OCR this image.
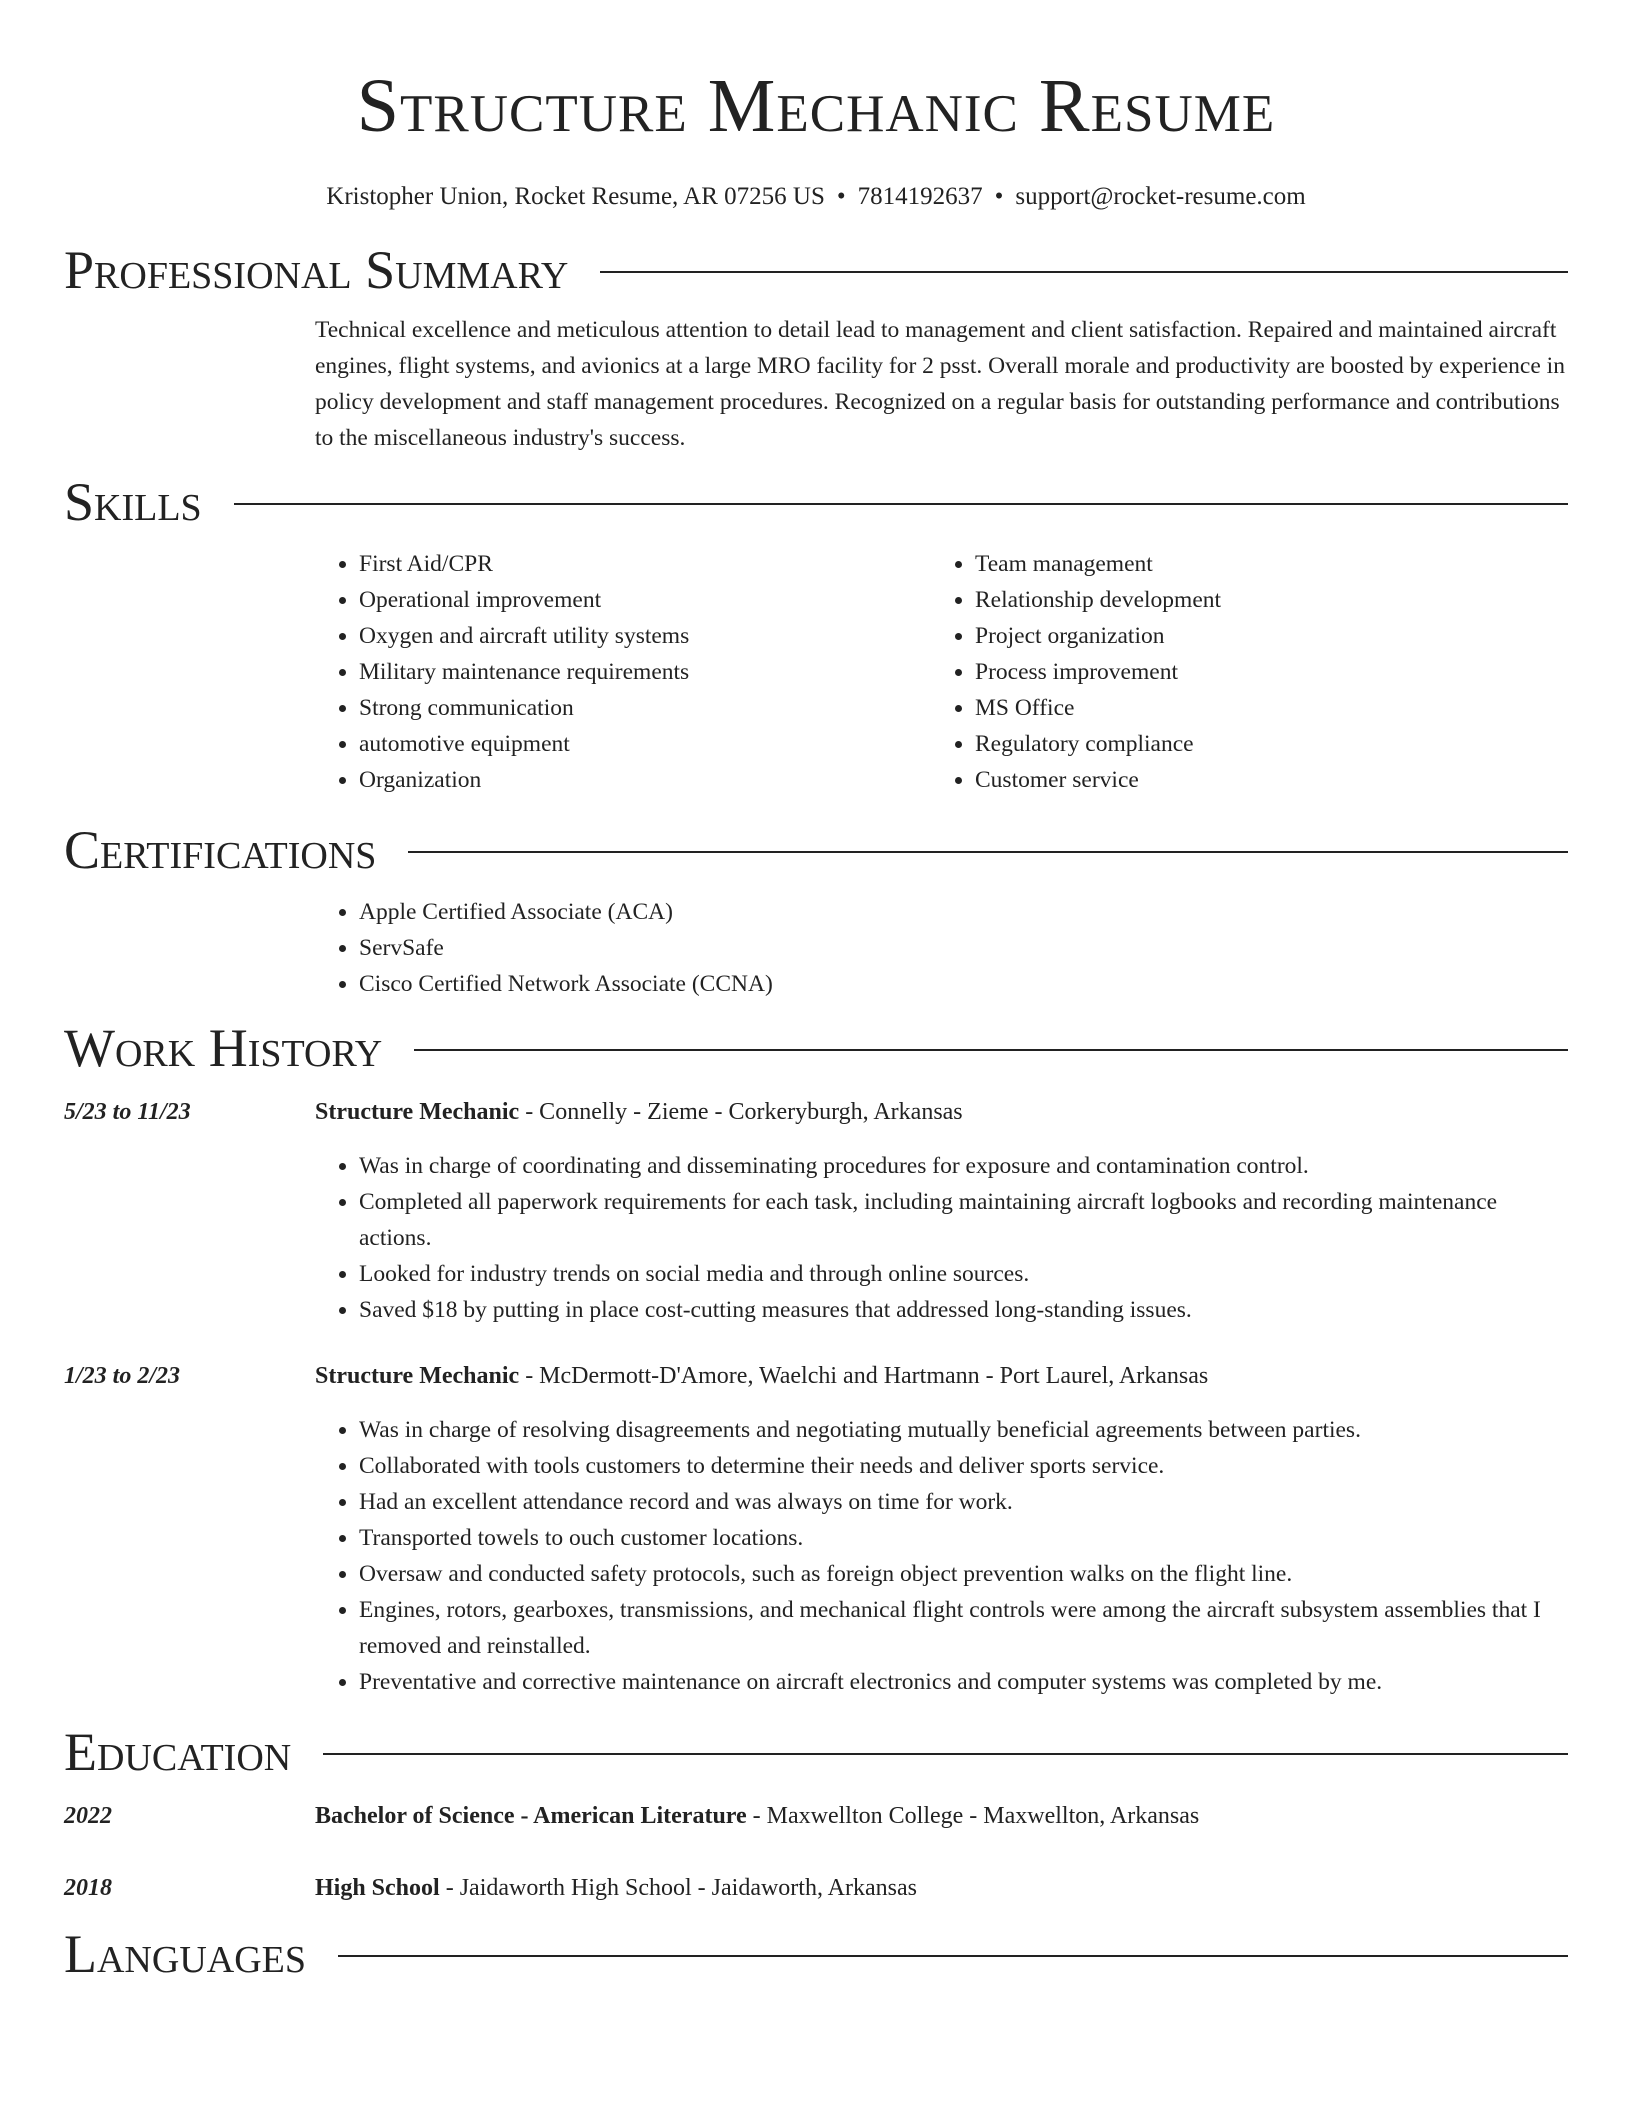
Structure Mechanic Resume
Kristopher Union, Rocket Resume, AR 07256 US • 7814192637 • support@rocket-resume.com
Professional Summary
Technical excellence and meticulous attention to detail lead to management and client satisfaction. Repaired and maintained aircraft engines, flight systems, and avionics at a large MRO facility for 2 psst. Overall morale and productivity are boosted by experience in policy development and staff management procedures. Recognized on a regular basis for outstanding performance and contributions to the miscellaneous industry's success.
Skills
• First Aid/CPR
• Operational improvement
• Oxygen and aircraft utility systems
• Military maintenance requirements
• Strong communication
• automotive equipment
• Organization
• Team management
• Relationship development
• Project organization
• Process improvement
• MS Office
• Regulatory compliance
• Customer service
Certifications
• Apple Certified Associate (ACA)
• ServSafe
• Cisco Certified Network Associate (CCNA)
Work History
5/23 to 11/23	Structure Mechanic - Connelly - Zieme - Corkeryburgh, Arkansas
• Was in charge of coordinating and disseminating procedures for exposure and contamination control.
• Completed all paperwork requirements for each task, including maintaining aircraft logbooks and recording maintenance actions.
• Looked for industry trends on social media and through online sources.
• Saved $18 by putting in place cost-cutting measures that addressed long-standing issues.
1/23 to 2/23	Structure Mechanic - McDermott-D'Amore, Waelchi and Hartmann - Port Laurel, Arkansas
• Was in charge of resolving disagreements and negotiating mutually beneficial agreements between parties.
• Collaborated with tools customers to determine their needs and deliver sports service.
• Had an excellent attendance record and was always on time for work.
• Transported towels to ouch customer locations.
• Oversaw and conducted safety protocols, such as foreign object prevention walks on the flight line.
• Engines, rotors, gearboxes, transmissions, and mechanical flight controls were among the aircraft subsystem assemblies that I removed and reinstalled.
• Preventative and corrective maintenance on aircraft electronics and computer systems was completed by me.
Education
2022	Bachelor of Science - American Literature - Maxwellton College - Maxwellton, Arkansas
2018	High School - Jaidaworth High School - Jaidaworth, Arkansas
Languages
